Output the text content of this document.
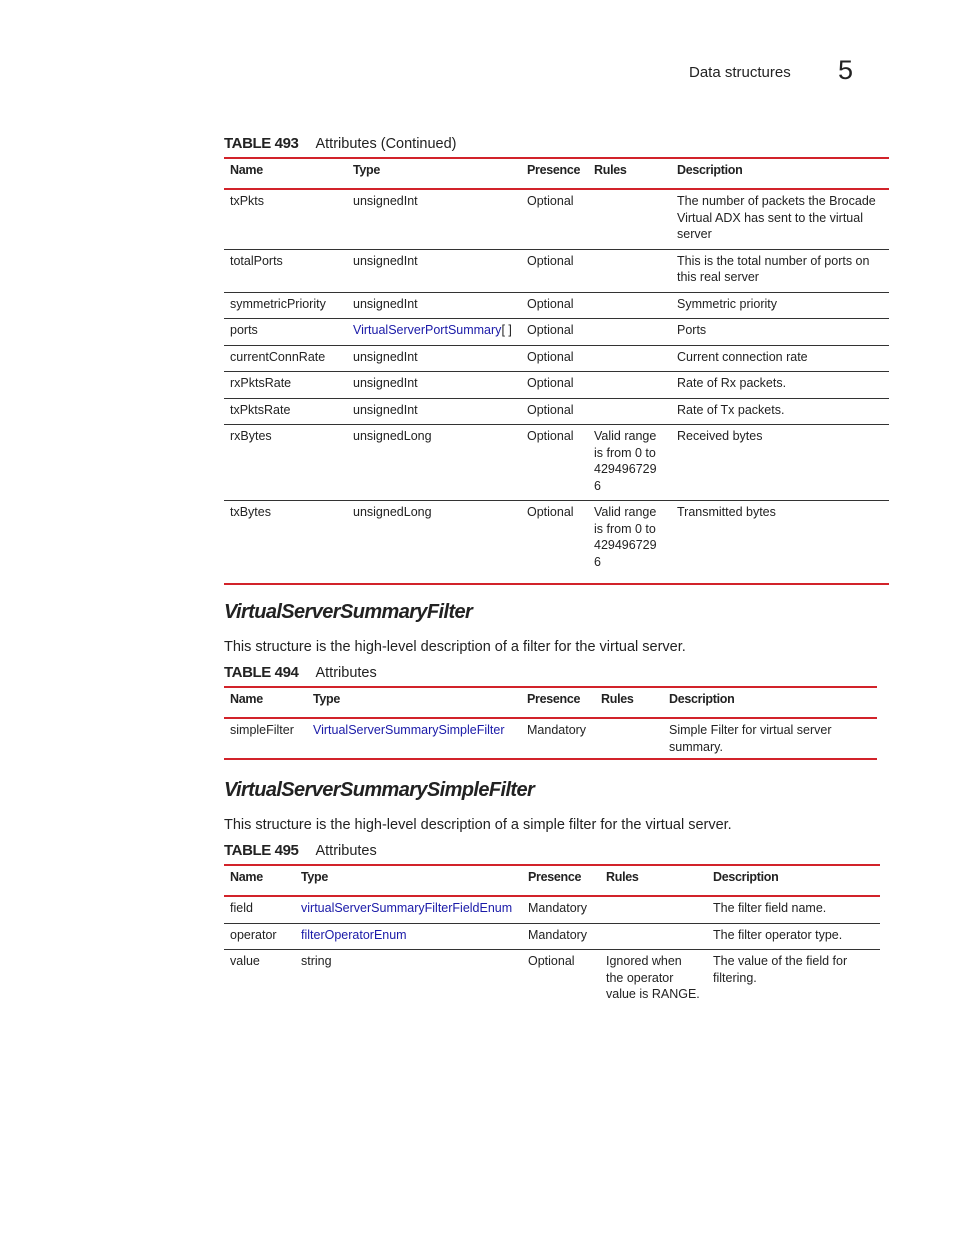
Data structures 5
TABLE 493 Attributes (Continued)
Name	Type	Presence	Rules	Description
txPkts	unsignedInt	Optional		The number of packets the Brocade Virtual ADX has sent to the virtual server
totalPorts	unsignedInt	Optional		This is the total number of ports on this real server
symmetricPriority	unsignedInt	Optional		Symmetric priority
ports	VirtualServerPortSummary[ ]	Optional		Ports
currentConnRate	unsignedInt	Optional		Current connection rate
rxPktsRate	unsignedInt	Optional		Rate of Rx packets.
txPktsRate	unsignedInt	Optional		Rate of Tx packets.
rxBytes	unsignedLong	Optional	Valid range is from 0 to 429496729 6	Received bytes
txBytes	unsignedLong	Optional	Valid range is from 0 to 429496729 6	Transmitted bytes
VirtualServerSummaryFilter
This structure is the high-level description of a filter for the virtual server.
TABLE 494 Attributes
Name	Type	Presence	Rules	Description
simpleFilter	VirtualServerSummarySimpleFilter	Mandatory		Simple Filter for virtual server summary.
VirtualServerSummarySimpleFilter
This structure is the high-level description of a simple filter for the virtual server.
TABLE 495 Attributes
Name	Type	Presence	Rules	Description
field	virtualServerSummaryFilterFieldEnum	Mandatory		The filter field name.
operator	filterOperatorEnum	Mandatory		The filter operator type.
value	string	Optional	Ignored when the operator value is RANGE.	The value of the field for filtering.
